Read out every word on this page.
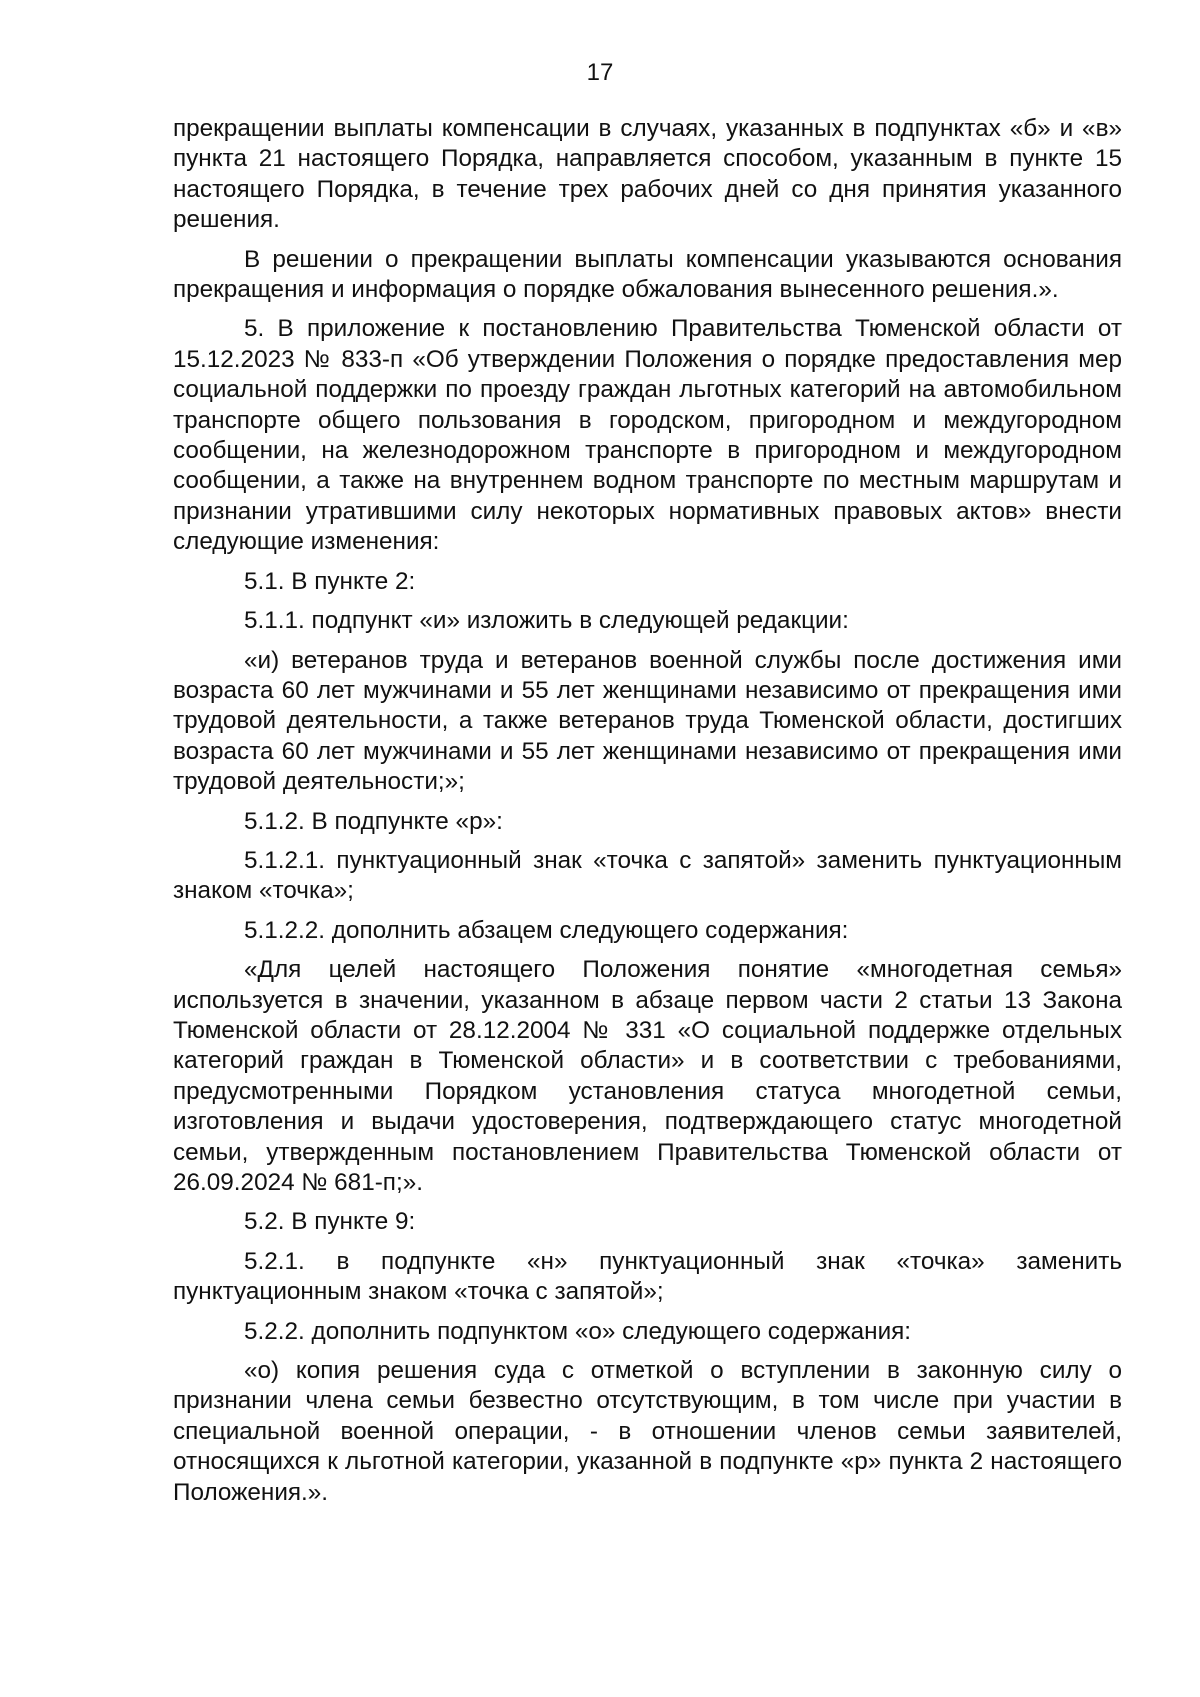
17

прекращении выплаты компенсации в случаях, указанных в подпунктах «б» и «в» пункта 21 настоящего Порядка, направляется способом, указанным в пункте 15 настоящего Порядка, в течение трех рабочих дней со дня принятия указанного решения.

В решении о прекращении выплаты компенсации указываются основания прекращения и информация о порядке обжалования вынесенного решения.».

5. В приложение к постановлению Правительства Тюменской области от 15.12.2023 № 833-п «Об утверждении Положения о порядке предоставления мер социальной поддержки по проезду граждан льготных категорий на автомобильном транспорте общего пользования в городском, пригородном и междугородном сообщении, на железнодорожном транспорте в пригородном и междугородном сообщении, а также на внутреннем водном транспорте по местным маршрутам и признании утратившими силу некоторых нормативных правовых актов» внести следующие изменения:

5.1. В пункте 2:

5.1.1. подпункт «и» изложить в следующей редакции:

«и) ветеранов труда и ветеранов военной службы после достижения ими возраста 60 лет мужчинами и 55 лет женщинами независимо от прекращения ими трудовой деятельности, а также ветеранов труда Тюменской области, достигших возраста 60 лет мужчинами и 55 лет женщинами независимо от прекращения ими трудовой деятельности;»;

5.1.2. В подпункте «р»:

5.1.2.1. пунктуационный знак «точка с запятой» заменить пунктуационным знаком «точка»;

5.1.2.2. дополнить абзацем следующего содержания:

«Для целей настоящего Положения понятие «многодетная семья» используется в значении, указанном в абзаце первом части 2 статьи 13 Закона Тюменской области от 28.12.2004 № 331 «О социальной поддержке отдельных категорий граждан в Тюменской области» и в соответствии с требованиями, предусмотренными Порядком установления статуса многодетной семьи, изготовления и выдачи удостоверения, подтверждающего статус многодетной семьи, утвержденным постановлением Правительства Тюменской области от 26.09.2024 № 681-п;».

5.2. В пункте 9:

5.2.1. в подпункте «н» пунктуационный знак «точка» заменить пунктуационным знаком «точка с запятой»;

5.2.2. дополнить подпунктом «о» следующего содержания:

«о) копия решения суда с отметкой о вступлении в законную силу о признании члена семьи безвестно отсутствующим, в том числе при участии в специальной военной операции, - в отношении членов семьи заявителей, относящихся к льготной категории, указанной в подпункте «р» пункта 2 настоящего Положения.».
